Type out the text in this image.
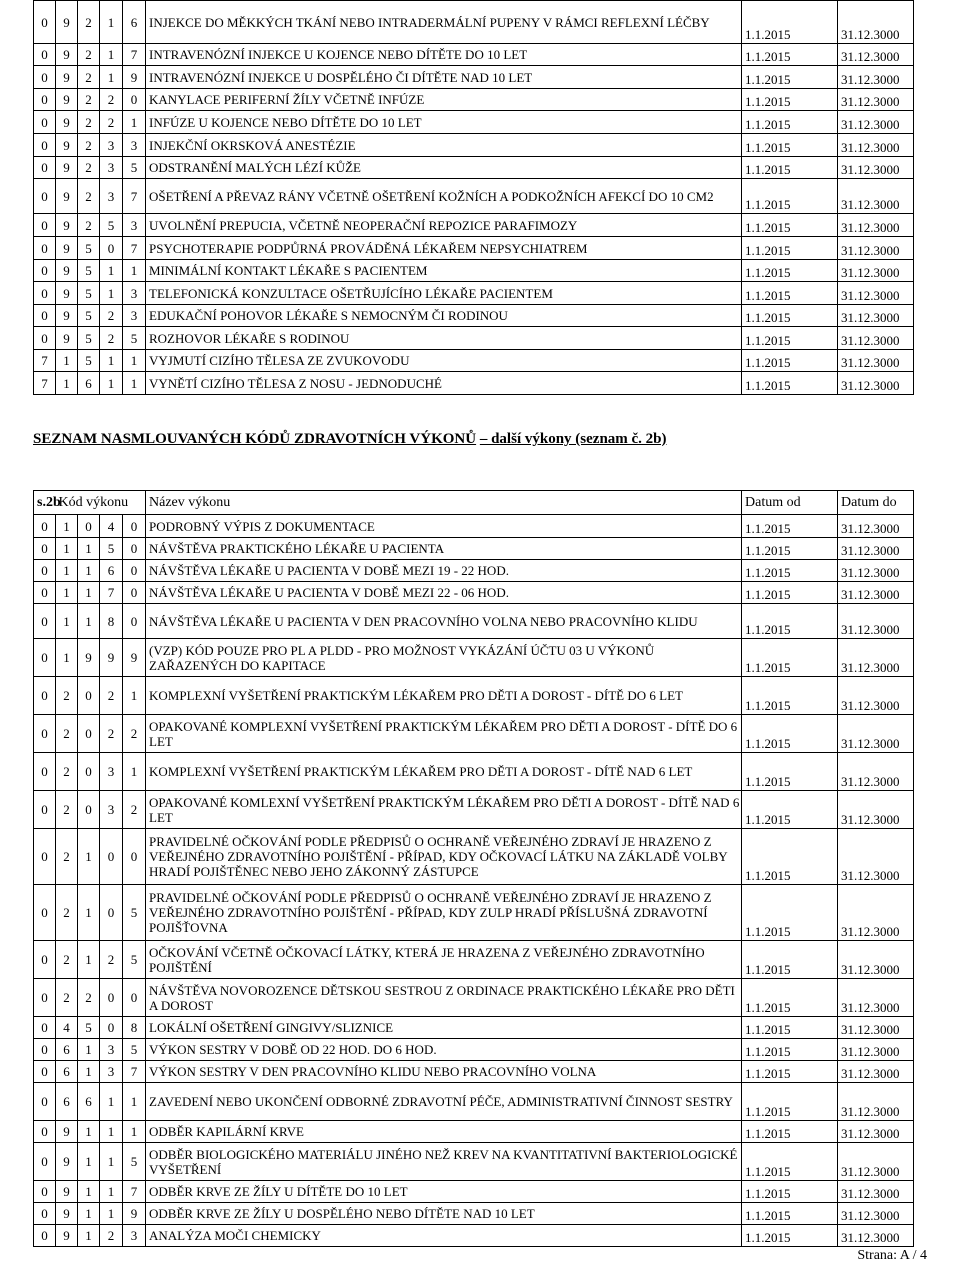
0	9	2	1	6	INJEKCE DO MĚKKÝCH TKÁNÍ NEBO INTRADERMÁLNÍ PUPENY V RÁMCI REFLEXNÍ LÉČBY	1.1.2015	31.12.3000
0	9	2	1	7	INTRAVENÓZNÍ INJEKCE U KOJENCE NEBO DÍTĚTE DO 10 LET	1.1.2015	31.12.3000
0	9	2	1	9	INTRAVENÓZNÍ INJEKCE U DOSPĚLÉHO ČI DÍTĚTE NAD 10 LET	1.1.2015	31.12.3000
0	9	2	2	0	KANYLACE PERIFERNÍ ŽÍLY VČETNĚ INFÚZE	1.1.2015	31.12.3000
0	9	2	2	1	INFÚZE U KOJENCE NEBO DÍTĚTE DO 10 LET	1.1.2015	31.12.3000
0	9	2	3	3	INJEKČNÍ OKRSKOVÁ ANESTÉZIE	1.1.2015	31.12.3000
0	9	2	3	5	ODSTRANĚNÍ MALÝCH LÉZÍ KŮŽE	1.1.2015	31.12.3000
0	9	2	3	7	OŠETŘENÍ A PŘEVAZ RÁNY VČETNĚ OŠETŘENÍ KOŽNÍCH A PODKOŽNÍCH AFEKCÍ DO 10 CM2	1.1.2015	31.12.3000
0	9	2	5	3	UVOLNĚNÍ PREPUCIA, VČETNĚ NEOPERAČNÍ REPOZICE PARAFIMOZY	1.1.2015	31.12.3000
0	9	5	0	7	PSYCHOTERAPIE PODPŮRNÁ PROVÁDĚNÁ LÉKAŘEM NEPSYCHIATREM	1.1.2015	31.12.3000
0	9	5	1	1	MINIMÁLNÍ KONTAKT LÉKAŘE S PACIENTEM	1.1.2015	31.12.3000
0	9	5	1	3	TELEFONICKÁ KONZULTACE OŠETŘUJÍCÍHO LÉKAŘE PACIENTEM	1.1.2015	31.12.3000
0	9	5	2	3	EDUKAČNÍ POHOVOR LÉKAŘE S NEMOCNÝM ČI RODINOU	1.1.2015	31.12.3000
0	9	5	2	5	ROZHOVOR LÉKAŘE S RODINOU	1.1.2015	31.12.3000
7	1	5	1	1	VYJMUTÍ CIZÍHO TĚLESA ZE ZVUKOVODU	1.1.2015	31.12.3000
7	1	6	1	1	VYNĚTÍ CIZÍHO TĚLESA Z NOSU - JEDNODUCHÉ	1.1.2015	31.12.3000
SEZNAM NASMLOUVANÝCH KÓDŮ ZDRAVOTNÍCH VÝKONŮ – další výkony (seznam č. 2b)
s.2b	Kód výkonu				Název výkonu	Datum od	Datum do
0	1	0	4	0	PODROBNÝ VÝPIS Z DOKUMENTACE	1.1.2015	31.12.3000
0	1	1	5	0	NÁVŠTĚVA PRAKTICKÉHO LÉKAŘE U PACIENTA	1.1.2015	31.12.3000
0	1	1	6	0	NÁVŠTĚVA LÉKAŘE U PACIENTA V DOBĚ MEZI 19 - 22 HOD.	1.1.2015	31.12.3000
0	1	1	7	0	NÁVŠTĚVA LÉKAŘE U PACIENTA V DOBĚ MEZI 22 - 06 HOD.	1.1.2015	31.12.3000
0	1	1	8	0	NÁVŠTĚVA LÉKAŘE U PACIENTA V DEN PRACOVNÍHO VOLNA NEBO PRACOVNÍHO KLIDU	1.1.2015	31.12.3000
0	1	9	9	9	(VZP) KÓD POUZE PRO PL A PLDD - PRO MOŽNOST VYKÁZÁNÍ ÚČTU 03 U VÝKONŮ ZAŘAZENÝCH DO KAPITACE	1.1.2015	31.12.3000
0	2	0	2	1	KOMPLEXNÍ VYŠETŘENÍ PRAKTICKÝM LÉKAŘEM PRO DĚTI A DOROST - DÍTĚ DO 6 LET	1.1.2015	31.12.3000
0	2	0	2	2	OPAKOVANÉ KOMPLEXNÍ VYŠETŘENÍ PRAKTICKÝM LÉKAŘEM PRO DĚTI A DOROST - DÍTĚ DO 6 LET	1.1.2015	31.12.3000
0	2	0	3	1	KOMPLEXNÍ VYŠETŘENÍ PRAKTICKÝM LÉKAŘEM PRO DĚTI A DOROST - DÍTĚ NAD 6 LET	1.1.2015	31.12.3000
0	2	0	3	2	OPAKOVANÉ KOMLEXNÍ VYŠETŘENÍ PRAKTICKÝM LÉKAŘEM PRO DĚTI A DOROST - DÍTĚ NAD 6 LET	1.1.2015	31.12.3000
0	2	1	0	0	PRAVIDELNÉ OČKOVÁNÍ PODLE PŘEDPISŮ O OCHRANĚ VEŘEJNÉHO ZDRAVÍ JE HRAZENO Z VEŘEJNÉHO ZDRAVOTNÍHO POJIŠTĚNÍ - PŘÍPAD, KDY OČKOVACÍ LÁTKU NA ZÁKLADĚ VOLBY HRADÍ POJIŠTĚNEC NEBO JEHO ZÁKONNÝ ZÁSTUPCE	1.1.2015	31.12.3000
0	2	1	0	5	PRAVIDELNÉ OČKOVÁNÍ PODLE PŘEDPISŮ O OCHRANĚ VEŘEJNÉHO ZDRAVÍ JE HRAZENO Z VEŘEJNÉHO ZDRAVOTNÍHO POJIŠTĚNÍ - PŘÍPAD, KDY ZULP HRADÍ PŘÍSLUŠNÁ ZDRAVOTNÍ POJIŠŤOVNA	1.1.2015	31.12.3000
0	2	1	2	5	OČKOVÁNÍ VČETNĚ OČKOVACÍ LÁTKY, KTERÁ JE HRAZENA Z VEŘEJNÉHO ZDRAVOTNÍHO POJIŠTĚNÍ	1.1.2015	31.12.3000
0	2	2	0	0	NÁVŠTĚVA NOVOROZENCE DĚTSKOU SESTROU Z ORDINACE PRAKTICKÉHO LÉKAŘE PRO DĚTI A DOROST	1.1.2015	31.12.3000
0	4	5	0	8	LOKÁLNÍ OŠETŘENÍ GINGIVY/SLIZNICE	1.1.2015	31.12.3000
0	6	1	3	5	VÝKON SESTRY V DOBĚ OD 22 HOD. DO 6 HOD.	1.1.2015	31.12.3000
0	6	1	3	7	VÝKON SESTRY V DEN PRACOVNÍHO KLIDU NEBO PRACOVNÍHO VOLNA	1.1.2015	31.12.3000
0	6	6	1	1	ZAVEDENÍ NEBO UKONČENÍ ODBORNÉ ZDRAVOTNÍ PÉČE, ADMINISTRATIVNÍ ČINNOST SESTRY	1.1.2015	31.12.3000
0	9	1	1	1	ODBĚR KAPILÁRNÍ KRVE	1.1.2015	31.12.3000
0	9	1	1	5	ODBĚR BIOLOGICKÉHO MATERIÁLU JINÉHO NEŽ KREV NA KVANTITATIVNÍ BAKTERIOLOGICKÉ VYŠETŘENÍ	1.1.2015	31.12.3000
0	9	1	1	7	ODBĚR KRVE ZE ŽÍLY U DÍTĚTE DO 10 LET	1.1.2015	31.12.3000
0	9	1	1	9	ODBĚR KRVE ZE ŽÍLY U DOSPĚLÉHO NEBO DÍTĚTE NAD 10 LET	1.1.2015	31.12.3000
0	9	1	2	3	ANALÝZA MOČI CHEMICKY	1.1.2015	31.12.3000
Strana: A / 4
